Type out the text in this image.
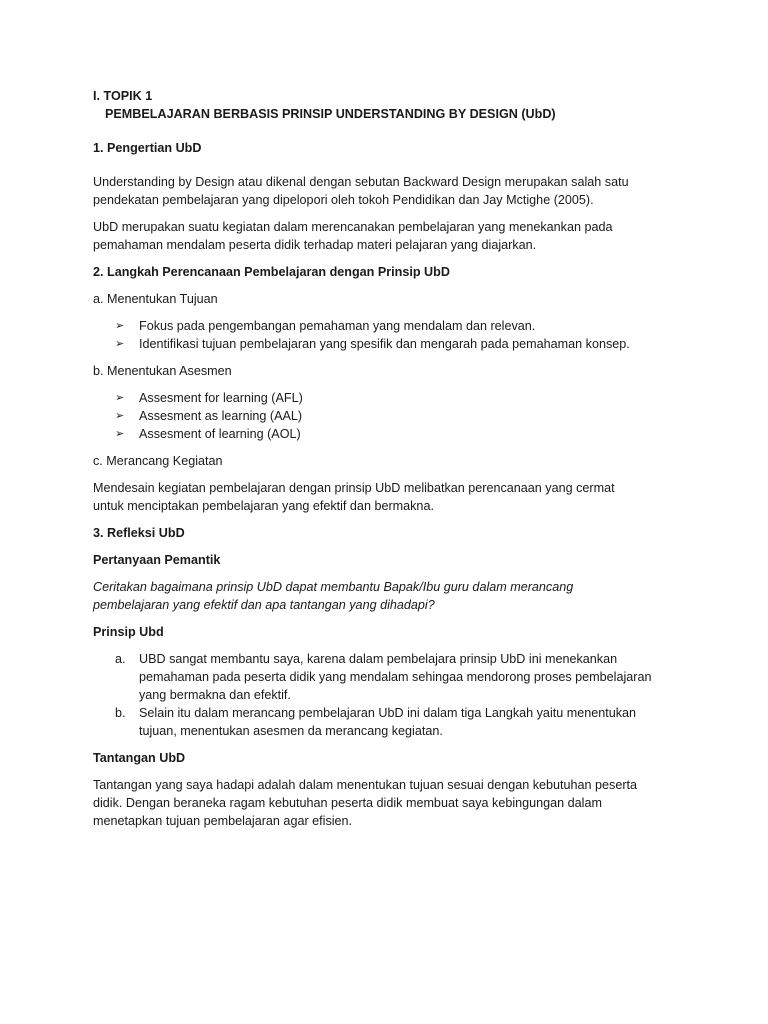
I. TOPIK 1

PEMBELAJARAN BERBASIS PRINSIP UNDERSTANDING BY DESIGN (UbD)

1. Pengertian UbD

Understanding by Design atau dikenal dengan sebutan Backward Design merupakan salah satu

pendekatan pembelajaran yang dipelopori oleh tokoh Pendidikan dan Jay Mctighe (2005).

UbD merupakan suatu kegiatan dalam merencanakan pembelajaran yang menekankan pada

pemahaman mendalam peserta didik terhadap materi pelajaran yang diajarkan.

2. Langkah Perencanaan Pembelajaran dengan Prinsip UbD

a. Menentukan Tujuan

➢ Fokus pada pengembangan pemahaman yang mendalam dan relevan.
➢ Identifikasi tujuan pembelajaran yang spesifik dan mengarah pada pemahaman konsep.

b. Menentukan Asesmen

➢ Assesment for learning (AFL)
➢ Assesment as learning (AAL)
➢ Assesment of learning (AOL)

c. Merancang Kegiatan

Mendesain kegiatan pembelajaran dengan prinsip UbD melibatkan perencanaan yang cermat

untuk menciptakan pembelajaran yang efektif dan bermakna.

3. Refleksi UbD

Pertanyaan Pemantik

Ceritakan bagaimana prinsip UbD dapat membantu Bapak/Ibu guru dalam merancang

pembelajaran yang efektif dan apa tantangan yang dihadapi?

Prinsip Ubd

a. UBD sangat membantu saya, karena dalam pembelajara prinsip UbD ini menekankan

pemahaman pada peserta didik yang mendalam sehingaa mendorong proses pembelajaran

yang bermakna dan efektif.

b. Selain itu dalam merancang pembelajaran UbD ini dalam tiga Langkah yaitu menentukan

tujuan, menentukan asesmen da merancang kegiatan.

Tantangan UbD

Tantangan yang saya hadapi adalah dalam menentukan tujuan sesuai dengan kebutuhan peserta

didik. Dengan beraneka ragam kebutuhan peserta didik membuat saya kebingungan dalam

menetapkan tujuan pembelajaran agar efisien.
